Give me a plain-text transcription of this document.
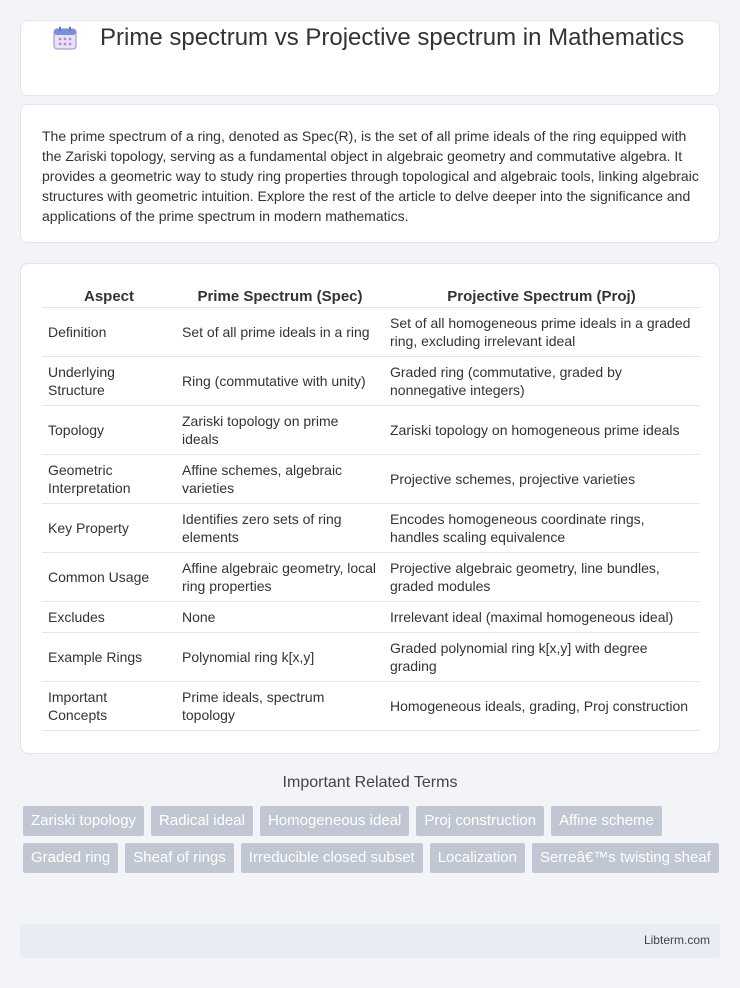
Prime spectrum vs Projective spectrum in Mathematics

The prime spectrum of a ring, denoted as Spec(R), is the set of all prime ideals of the ring equipped with the Zariski topology, serving as a fundamental object in algebraic geometry and commutative algebra. It provides a geometric way to study ring properties through topological and algebraic tools, linking algebraic structures with geometric intuition. Explore the rest of the article to delve deeper into the significance and applications of the prime spectrum in modern mathematics.

Aspect	Prime Spectrum (Spec)	Projective Spectrum (Proj)
Definition	Set of all prime ideals in a ring	Set of all homogeneous prime ideals in a graded ring, excluding irrelevant ideal
Underlying Structure	Ring (commutative with unity)	Graded ring (commutative, graded by nonnegative integers)
Topology	Zariski topology on prime ideals	Zariski topology on homogeneous prime ideals
Geometric Interpretation	Affine schemes, algebraic varieties	Projective schemes, projective varieties
Key Property	Identifies zero sets of ring elements	Encodes homogeneous coordinate rings, handles scaling equivalence
Common Usage	Affine algebraic geometry, local ring properties	Projective algebraic geometry, line bundles, graded modules
Excludes	None	Irrelevant ideal (maximal homogeneous ideal)
Example Rings	Polynomial ring k[x,y]	Graded polynomial ring k[x,y] with degree grading
Important Concepts	Prime ideals, spectrum topology	Homogeneous ideals, grading, Proj construction
Important Related Terms
Zariski topology	Radical ideal	Homogeneous ideal	Proj construction	Affine scheme
Graded ring	Sheaf of rings	Irreducible closed subset	Localization	Serreâ€™s twisting sheaf
Libterm.com
